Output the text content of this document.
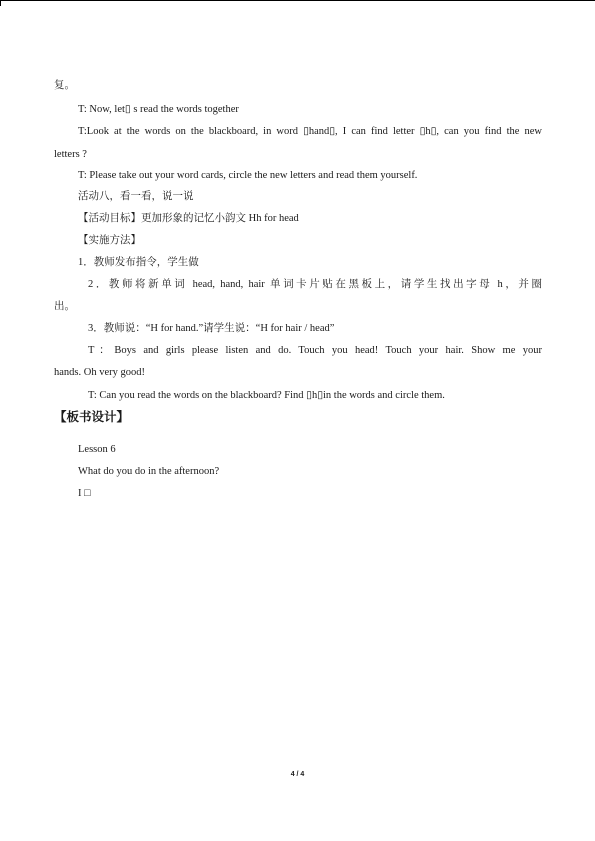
复。
T: Now, let▯ s read the words together
T:Look at the words on the blackboard, in word ▯hand▯, I can find letter ▯h▯, can you find the new
letters ?
T: Please take out your word cards, circle the new letters and read them yourself.
活动八，看一看，说一说
【活动目标】更加形象的记忆小韵文 Hh for head
【实施方法】
1．教师发布指令，学生做
2．教师将新单词 head, hand, hair 单词卡片贴在黑板上，请学生找出字母 h，并圈
出。
3．教师说：“H for hand.”请学生说：“H for hair / head”
T：Boys and girls please listen and do. Touch you head! Touch your hair. Show me your
hands. Oh very good!
T: Can you read the words on the blackboard? Find ▯h▯in the words and circle them.
【板书设计】
Lesson 6
What do you do in the afternoon?
I □
4 / 4
